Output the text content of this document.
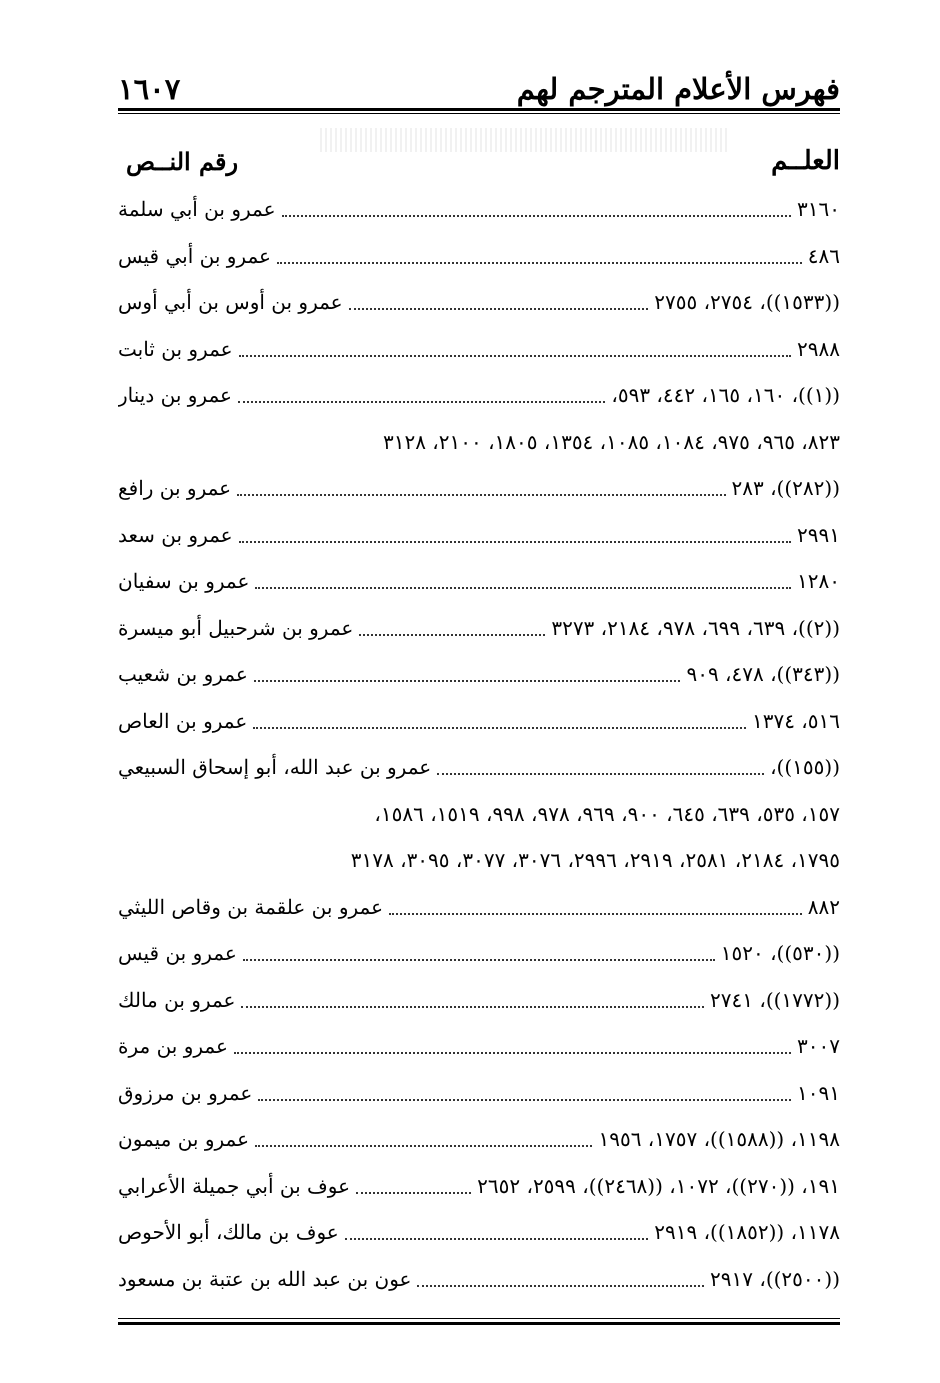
١٦٠٧	فهرس الأعلام المترجم لهم
رقم النــص	العلــم
عمرو بن أبي سلمة	٣١٦٠
عمرو بن أبي قيس	٤٨٦
عمرو بن أوس بن أبي أوس	((١٥٣٣))، ٢٧٥٤، ٢٧٥٥
عمرو بن ثابت	٢٩٨٨
عمرو بن دينار	((١))، ١٦٠، ١٦٥، ٤٤٢، ٥٩٣،
٨٢٣، ٩٦٥، ٩٧٥، ١٠٨٤، ١٠٨٥، ١٣٥٤، ١٨٠٥، ٢١٠٠، ٣١٢٨
عمرو بن رافع	((٢٨٢))، ٢٨٣
عمرو بن سعد	٢٩٩١
عمرو بن سفيان	١٢٨٠
عمرو بن شرحبيل أبو ميسرة	((٢))، ٦٣٩، ٦٩٩، ٩٧٨، ٢١٨٤، ٣٢٧٣
عمرو بن شعيب	((٣٤٣))، ٤٧٨، ٩٠٩
عمرو بن العاص	٥١٦، ١٣٧٤
عمرو بن عبد الله، أبو إسحاق السبيعي	((١٥٥))،
١٥٧، ٥٣٥، ٦٣٩، ٦٤٥، ٩٠٠، ٩٦٩، ٩٧٨، ٩٩٨، ١٥١٩، ١٥٨٦،
١٧٩٥، ٢١٨٤، ٢٥٨١، ٢٩١٩، ٢٩٩٦، ٣٠٧٦، ٣٠٧٧، ٣٠٩٥، ٣١٧٨
عمرو بن علقمة بن وقاص الليثي	٨٨٢
عمرو بن قيس	((٥٣٠))، ١٥٢٠
عمرو بن مالك	((١٧٧٢))، ٢٧٤١
عمرو بن مرة	٣٠٠٧
عمرو بن مرزوق	١٠٩١
عمرو بن ميمون	١١٩٨، ((١٥٨٨))، ١٧٥٧، ١٩٥٦
عوف بن أبي جميلة الأعرابي	١٩١، ((٢٧٠))، ١٠٧٢، ((٢٤٦٨))، ٢٥٩٩، ٢٦٥٢
عوف بن مالك، أبو الأحوص	١١٧٨، ((١٨٥٢))، ٢٩١٩
عون بن عبد الله بن عتبة بن مسعود	((٢٥٠٠))، ٢٩١٧
